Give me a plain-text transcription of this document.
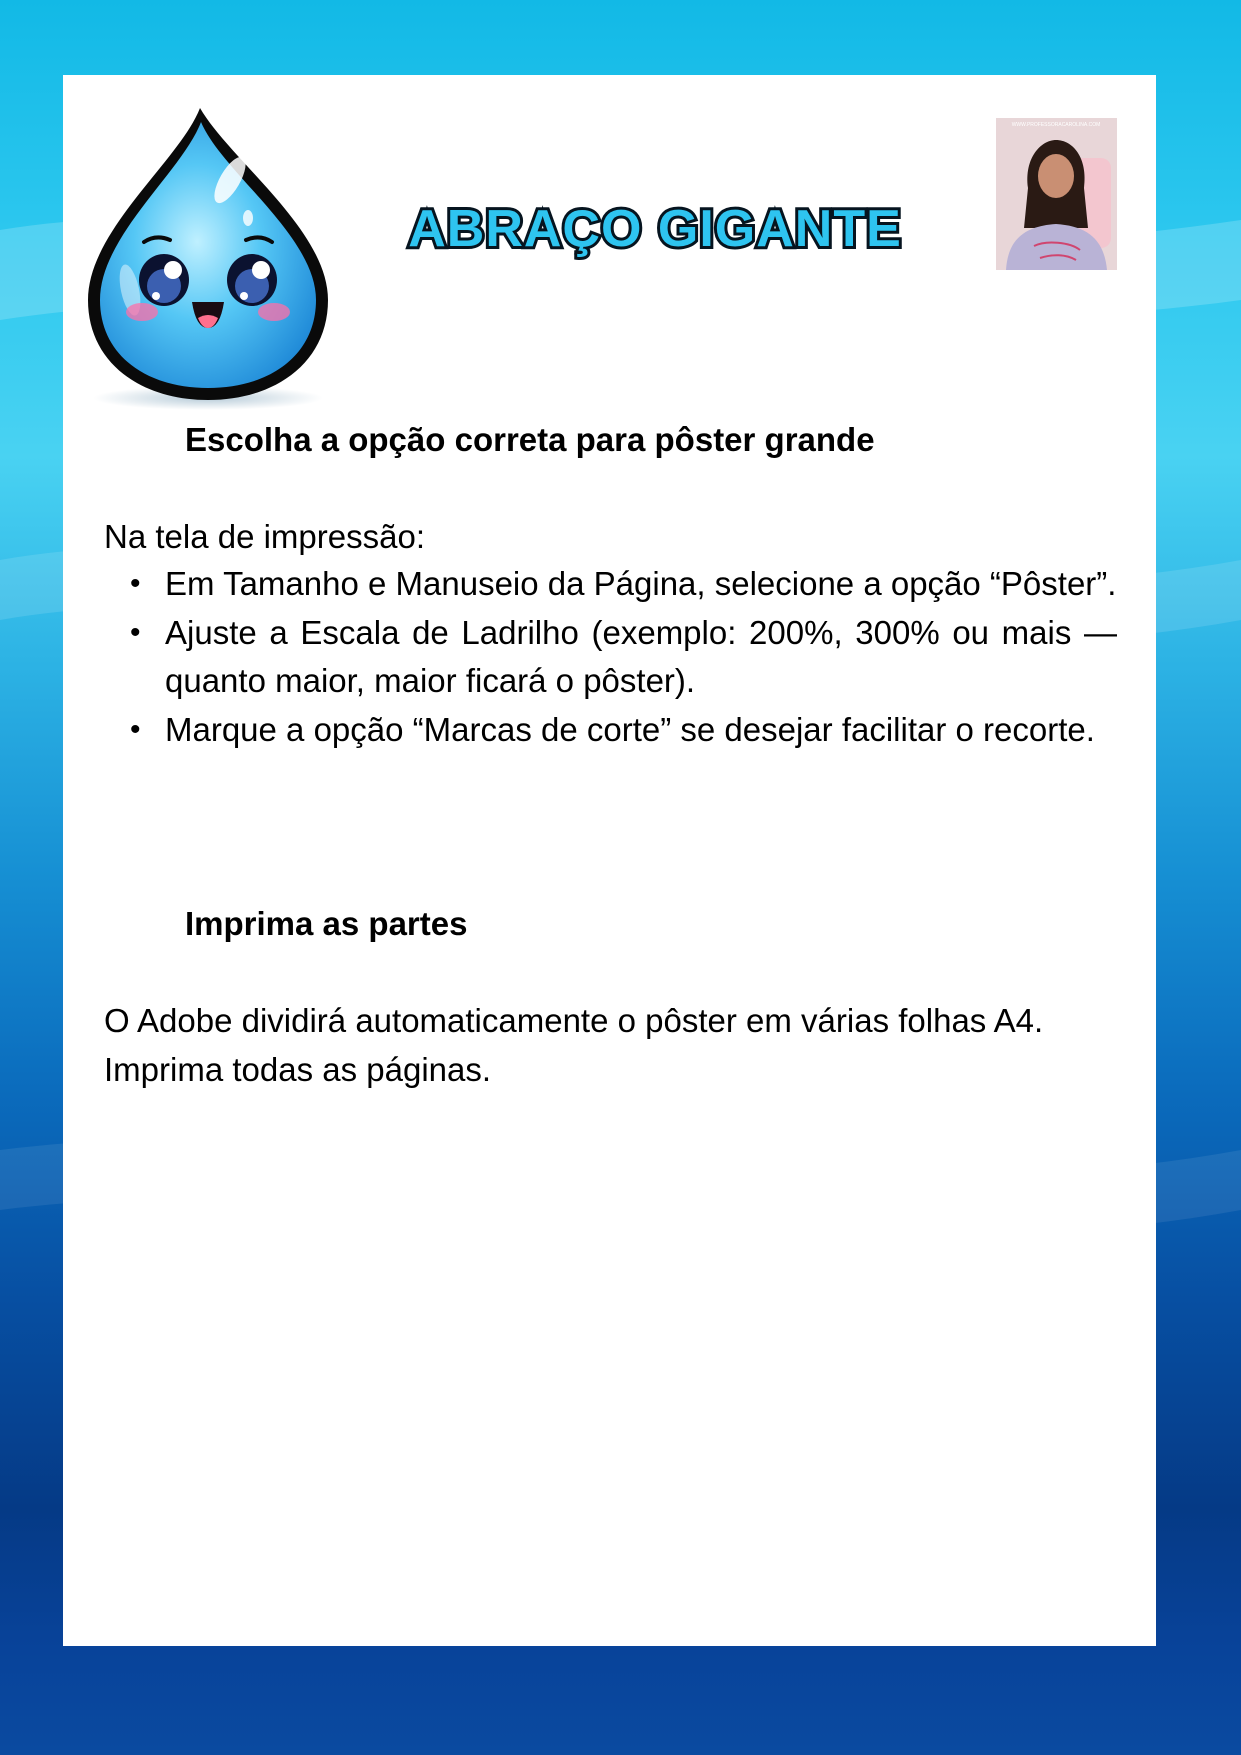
ABRAÇO GIGANTE
WWW.PROFESSORACAROLINA.COM
Escolha a opção correta para pôster grande

Na tela de impressão:

• Em Tamanho e Manuseio da Página, selecione a opção “Pôster”.
• Ajuste a Escala de Ladrilho (exemplo: 200%, 300% ou mais — quanto maior, maior ficará o pôster).
• Marque a opção “Marcas de corte” se desejar facilitar o recorte.
Imprima as partes

O Adobe dividirá automaticamente o pôster em várias folhas A4. Imprima todas as páginas.
